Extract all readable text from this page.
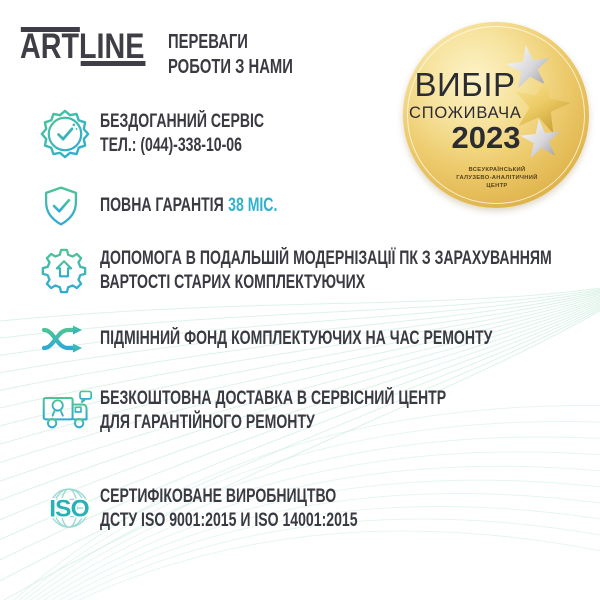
ARTLINE ПЕРЕВАГИ
РОБОТИ З НАМИ	ВИБІР
СПОЖИВАЧА
2023
ВСЕУКРАЇНСЬКИЙ
ГАЛУЗЕВО-АНАЛІТИЧНИЙ
ЦЕНТР
БЕЗДОГАННИЙ СЕРВІС
ТЕЛ.: (044)-338-10-06
ПОВНА ГАРАНТІЯ 38 МІС.
ДОПОМОГА В ПОДАЛЬШІЙ МОДЕРНІЗАЦІЇ ПК З ЗАРАХУВАННЯМ
ВАРТОСТІ СТАРИХ КОМПЛЕКТУЮЧИХ
ПІДМІННИЙ ФОНД КОМПЛЕКТУЮЧИХ НА ЧАС РЕМОНТУ
БЕЗКОШТОВНА ДОСТАВКА В СЕРВІСНИЙ ЦЕНТР
ДЛЯ ГАРАНТІЙНОГО РЕМОНТУ
ISO СЕРТИФІКОВАНЕ ВИРОБНИЦТВО
ДСТУ ISO 9001:2015 И ISO 14001:2015
